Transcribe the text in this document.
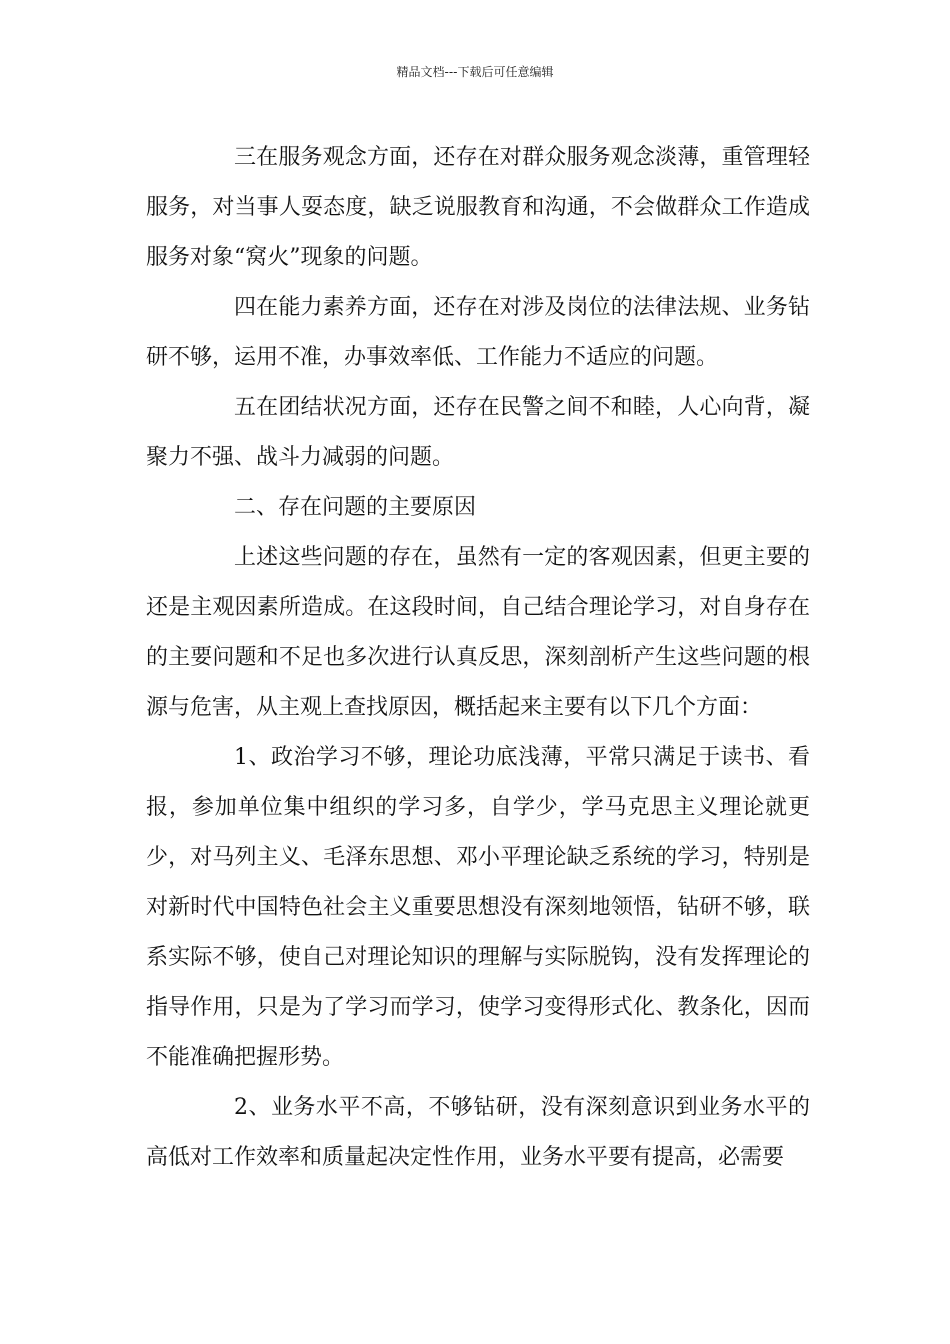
精品文档---下载后可任意编辑

三在服务观念方面，还存在对群众服务观念淡薄，重管理轻服务，对当事人耍态度，缺乏说服教育和沟通，不会做群众工作造成服务对象“窝火”现象的问题。

四在能力素养方面，还存在对涉及岗位的法律法规、业务钻研不够，运用不准，办事效率低、工作能力不适应的问题。

五在团结状况方面，还存在民警之间不和睦，人心向背，凝聚力不强、战斗力减弱的问题。

二、存在问题的主要原因

上述这些问题的存在，虽然有一定的客观因素，但更主要的还是主观因素所造成。在这段时间，自己结合理论学习，对自身存在的主要问题和不足也多次进行认真反思，深刻剖析产生这些问题的根源与危害，从主观上查找原因，概括起来主要有以下几个方面：

1、政治学习不够，理论功底浅薄，平常只满足于读书、看报，参加单位集中组织的学习多，自学少，学马克思主义理论就更少，对马列主义、毛泽东思想、邓小平理论缺乏系统的学习，特别是对新时代中国特色社会主义重要思想没有深刻地领悟，钻研不够，联系实际不够，使自己对理论知识的理解与实际脱钩，没有发挥理论的指导作用，只是为了学习而学习，使学习变得形式化、教条化，因而不能准确把握形势。

2、业务水平不高，不够钻研，没有深刻意识到业务水平的高低对工作效率和质量起决定性作用，业务水平要有提高，必需要
